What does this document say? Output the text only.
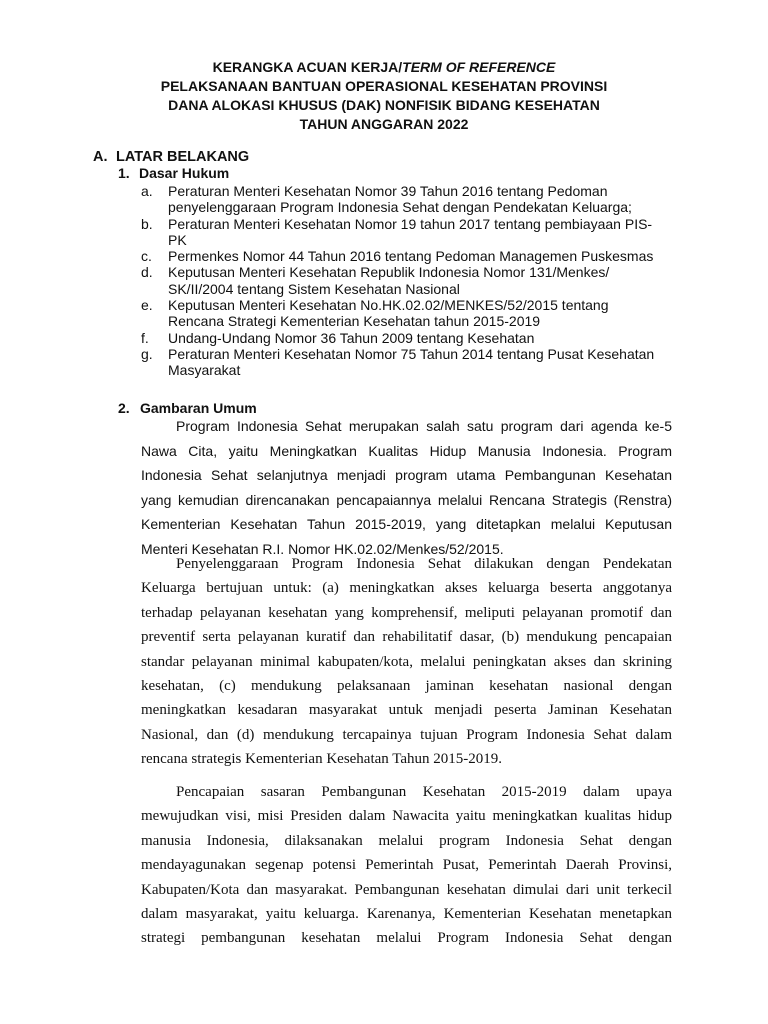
KERANGKA ACUAN KERJA/TERM OF REFERENCE
PELAKSANAAN BANTUAN OPERASIONAL KESEHATAN PROVINSI
DANA ALOKASI KHUSUS (DAK) NONFISIK BIDANG KESEHATAN
TAHUN ANGGARAN 2022
A. LATAR BELAKANG
1. Dasar Hukum
a.	Peraturan Menteri Kesehatan Nomor 39 Tahun 2016 tentang Pedoman
penyelenggaraan Program Indonesia Sehat dengan Pendekatan Keluarga;
b.	Peraturan Menteri Kesehatan Nomor 19 tahun 2017 tentang pembiayaan PIS-
PK
c.	Permenkes Nomor 44 Tahun 2016 tentang Pedoman Managemen Puskesmas
d.	Keputusan Menteri Kesehatan Republik Indonesia Nomor 131/Menkes/
SK/II/2004 tentang Sistem Kesehatan Nasional
e.	Keputusan Menteri Kesehatan No.HK.02.02/MENKES/52/2015 tentang
Rencana Strategi Kementerian Kesehatan tahun 2015-2019
f.	Undang-Undang Nomor 36 Tahun 2009 tentang Kesehatan
g.	Peraturan Menteri Kesehatan Nomor 75 Tahun 2014 tentang Pusat Kesehatan
Masyarakat
2. Gambaran Umum
Program Indonesia Sehat merupakan salah satu program dari agenda ke-5
Nawa Cita, yaitu Meningkatkan Kualitas Hidup Manusia Indonesia. Program
Indonesia Sehat selanjutnya menjadi program utama Pembangunan Kesehatan
yang kemudian direncanakan pencapaiannya melalui Rencana Strategis (Renstra)
Kementerian Kesehatan Tahun 2015-2019, yang ditetapkan melalui Keputusan
Menteri Kesehatan R.I. Nomor HK.02.02/Menkes/52/2015.
Penyelenggaraan Program Indonesia Sehat dilakukan dengan Pendekatan
Keluarga bertujuan untuk: (a) meningkatkan akses keluarga beserta anggotanya
terhadap pelayanan kesehatan yang komprehensif, meliputi pelayanan promotif dan
preventif serta pelayanan kuratif dan rehabilitatif dasar, (b) mendukung pencapaian
standar pelayanan minimal kabupaten/kota, melalui peningkatan akses dan skrining
kesehatan, (c) mendukung pelaksanaan jaminan kesehatan nasional dengan
meningkatkan kesadaran masyarakat untuk menjadi peserta Jaminan Kesehatan
Nasional, dan (d) mendukung tercapainya tujuan Program Indonesia Sehat dalam
rencana strategis Kementerian Kesehatan Tahun 2015-2019.
Pencapaian sasaran Pembangunan Kesehatan 2015-2019 dalam upaya
mewujudkan visi, misi Presiden dalam Nawacita yaitu meningkatkan kualitas hidup
manusia Indonesia, dilaksanakan melalui program Indonesia Sehat dengan
mendayagunakan segenap potensi Pemerintah Pusat, Pemerintah Daerah Provinsi,
Kabupaten/Kota dan masyarakat. Pembangunan kesehatan dimulai dari unit terkecil
dalam masyarakat, yaitu keluarga. Karenanya, Kementerian Kesehatan menetapkan
strategi pembangunan kesehatan melalui Program Indonesia Sehat dengan
